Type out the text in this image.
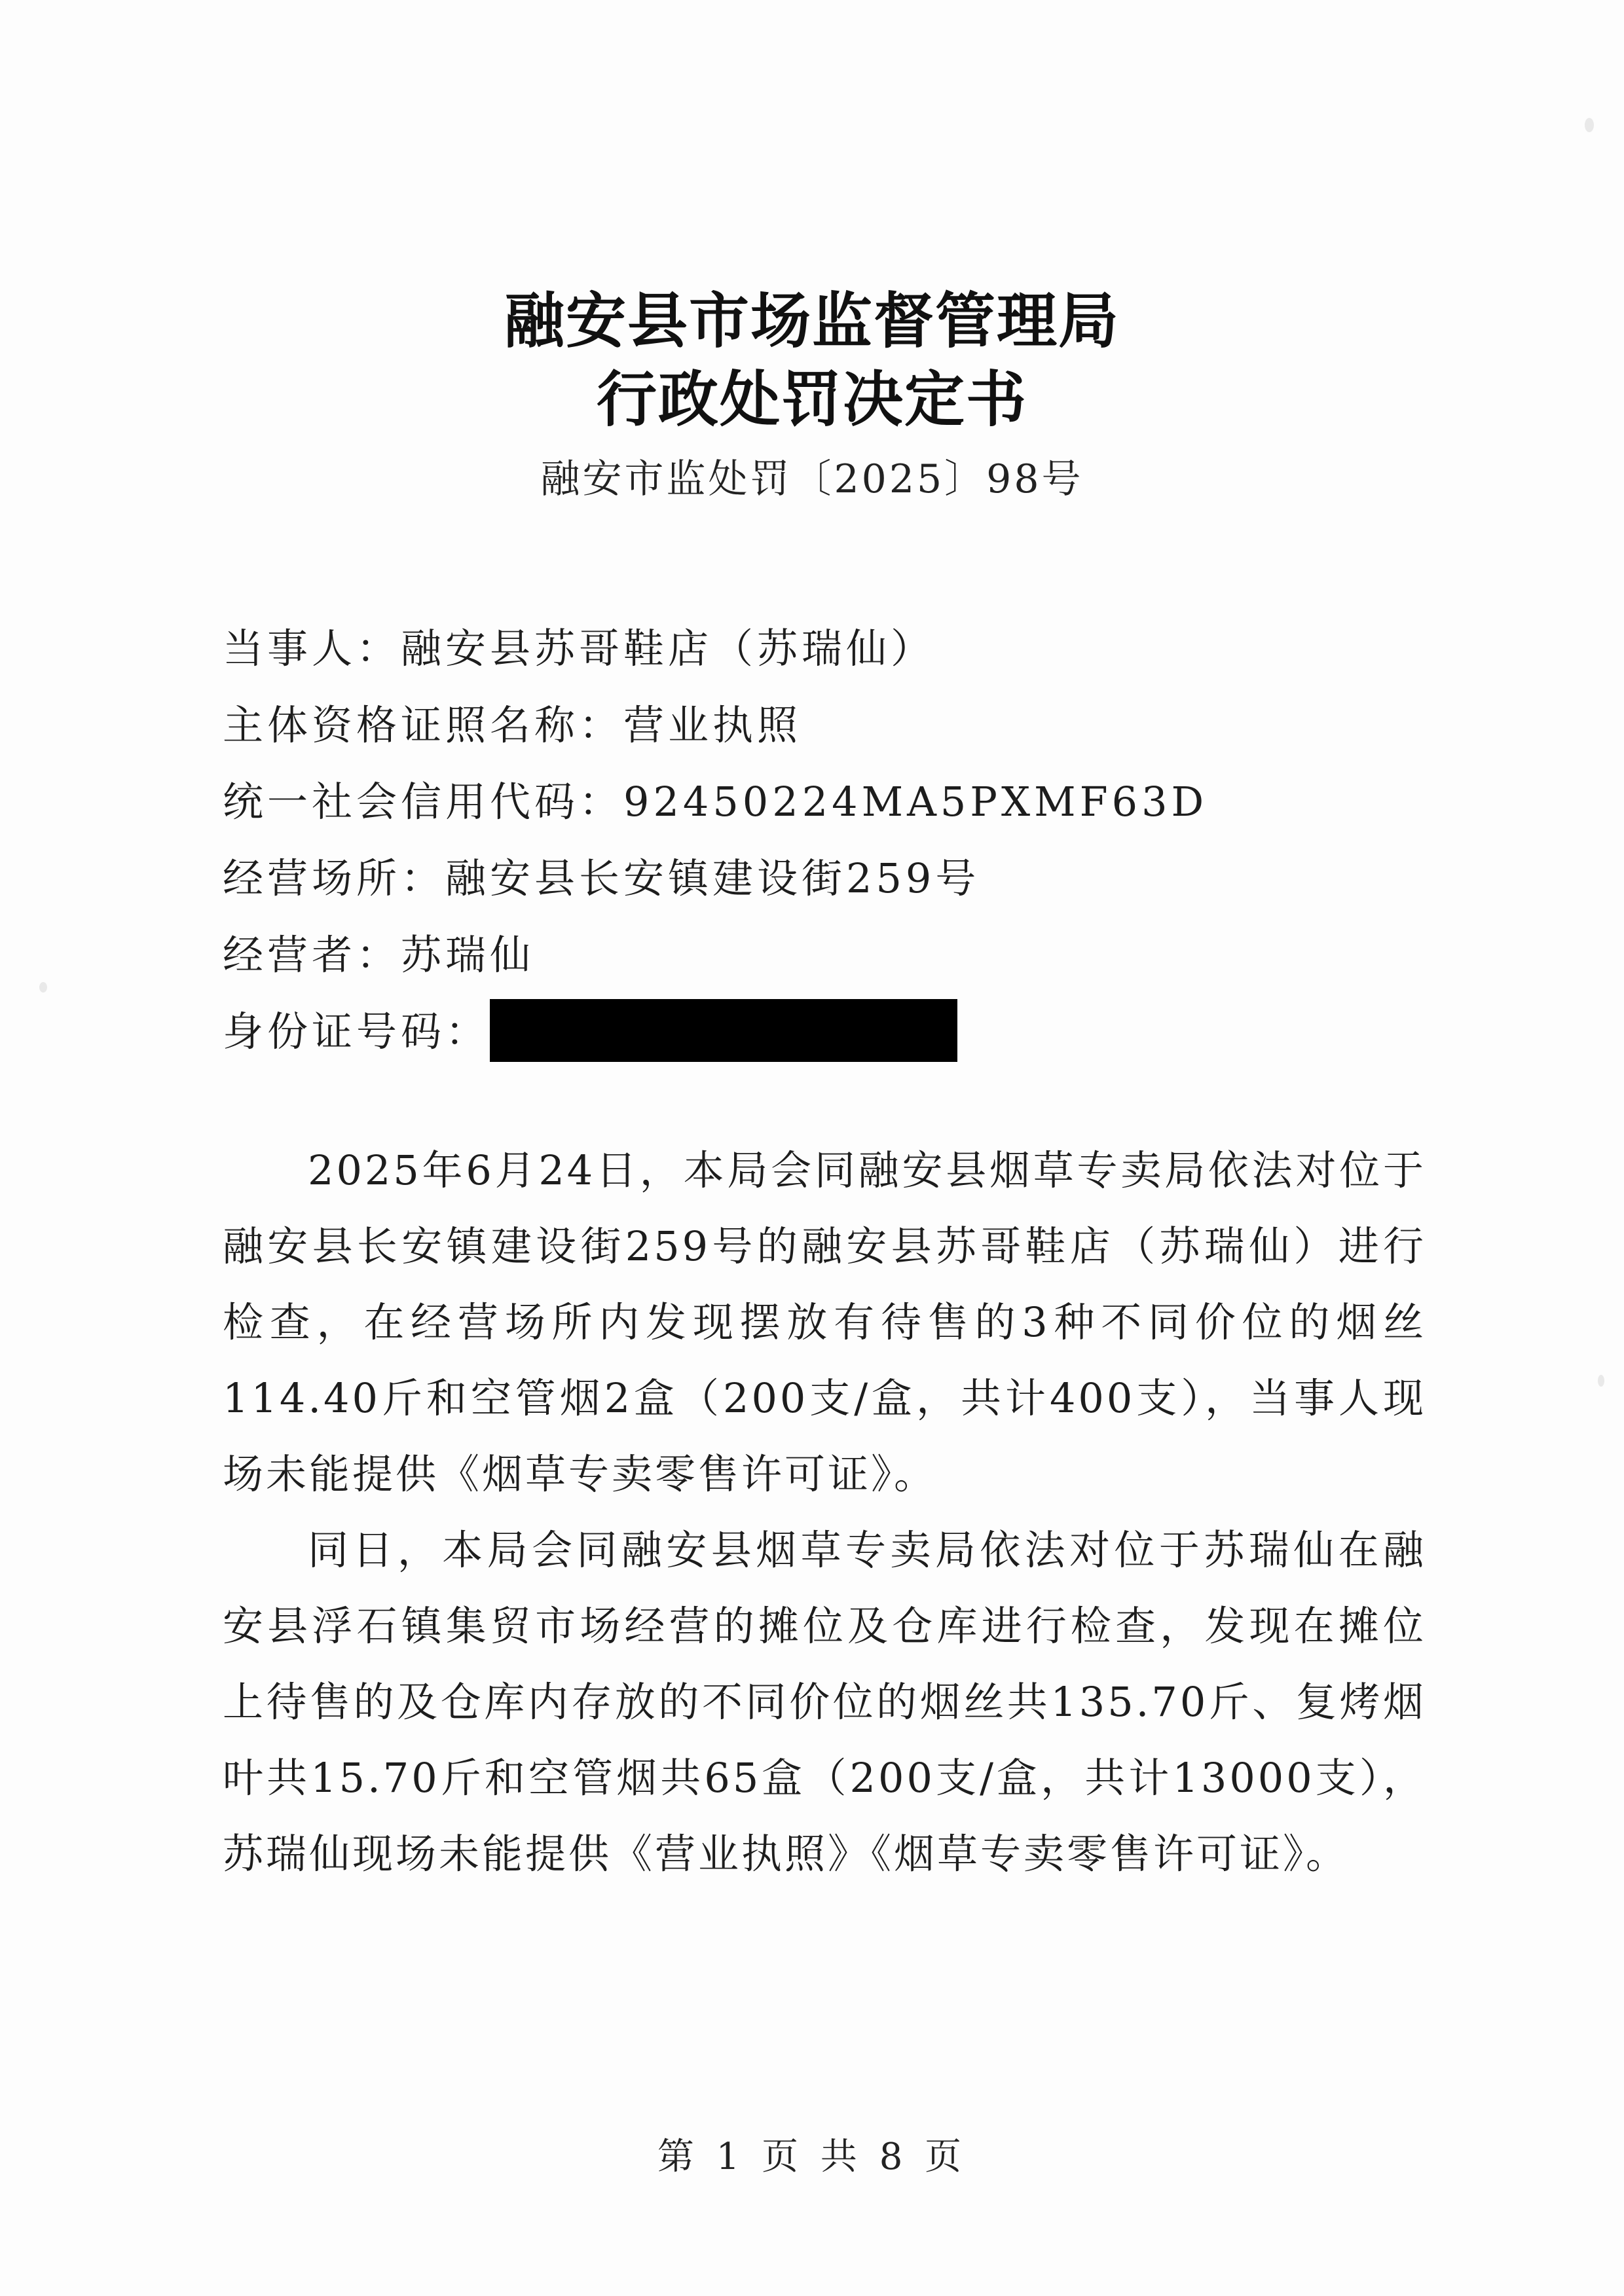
融安县市场监督管理局
行政处罚决定书
融安市监处罚〔2025〕98号
当事人：融安县苏哥鞋店（苏瑞仙）
主体资格证照名称：营业执照
统一社会信用代码：92450224MA5PXMF63D
经营场所：融安县长安镇建设街259号
经营者：苏瑞仙
身份证号码：

2025年6月24日，本局会同融安县烟草专卖局依法对位于融安县长安镇建设街259号的融安县苏哥鞋店（苏瑞仙）进行检查，在经营场所内发现摆放有待售的3种不同价位的烟丝114.40斤和空管烟2盒（200支/盒，共计400支），当事人现场未能提供《烟草专卖零售许可证》。

同日，本局会同融安县烟草专卖局依法对位于苏瑞仙在融安县浮石镇集贸市场经营的摊位及仓库进行检查，发现在摊位上待售的及仓库内存放的不同价位的烟丝共135.70斤、复烤烟叶共15.70斤和空管烟共65盒（200支/盒，共计13000支），苏瑞仙现场未能提供《营业执照》《烟草专卖零售许可证》。

第 1 页 共 8 页
